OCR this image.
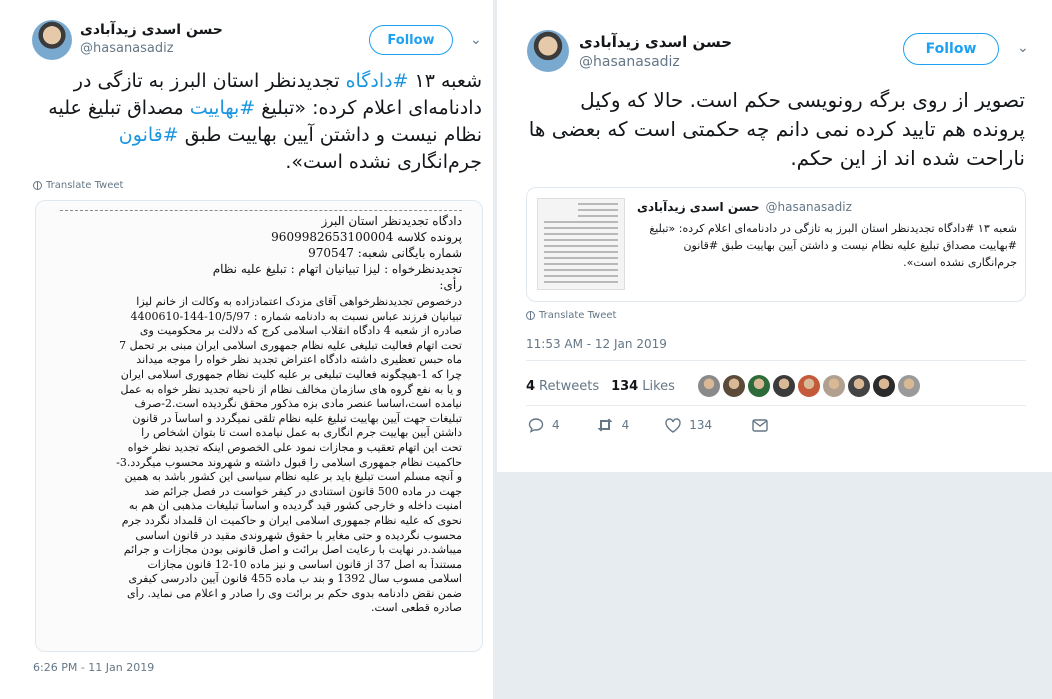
حسن اسدی زیدآبادی
@hasanasadiz
Follow	⌄
شعبه ۱۳ #دادگاه تجدیدنظر استان البرز به تازگی در دادنامه‌ای اعلام کرده: «تبلیغ #بهاییت مصداق تبلیغ علیه نظام نیست و داشتن آیین بهاییت طبق #قانون جرم‌انگاری نشده است».
Translate Tweet
دادگاه تجدیدنظر استان البرز
پرونده کلاسه 9609982653100004
شماره بایگانی شعبه: 970547
تجدیدنظرخواه : لیزا تبیانیان اتهام : تبلیغ علیه نظام
رأی:
درخصوص تجدیدنظرخواهی آقای مزدک اعتمادزاده به وکالت از خانم لیزا
تبیانیان فرزند عباس نسبت به دادنامه شماره : 10/5/97-144-4400610
صادره از شعبه 4 دادگاه انقلاب اسلامی کرج که دلالت بر محکومیت وی
تحت اتهام فعالیت تبلیغی علیه نظام جمهوری اسلامی ایران مبنی بر تحمل 7
ماه حبس تعظیری داشته دادگاه اعتراض تجدید نظر خواه را موجه میداند
چرا که 1-هیچگونه فعالیت تبلیغی بر علیه کلیت نظام جمهوری اسلامی ایران
و یا به نفع گروه های سازمان مخالف نظام از ناحیه تجدید نظر خواه به عمل
نیامده است،اساسا عنصر مادی بزه مذکور محقق نگردیده است.2-صرف
تبلیغات جهت آیین بهاییت تبلیغ علیه نظام تلقی نمیگردد و اساساً در قانون
داشتن آیین بهاییت جرم انگاری به عمل نیامده است تا بتوان اشخاص را
تحت این اتهام تعقیب و مجازات نمود علی الخصوص اینکه تجدید نظر خواه
حاکمیت نظام جمهوری اسلامی را قبول داشته و شهروند محسوب میگردد.3-
و آنچه مسلم است تبلیغ باید بر علیه نظام سیاسی این کشور باشد به همین
جهت در ماده 500 قانون استنادی در کیفر خواست در فصل جرائم ضد
امنیت داخله و خارجی کشور قید گردیده و اساساً تبلیغات مذهبی ان هم به
نحوی که علیه نظام جمهوری اسلامی ایران و حاکمیت ان قلمداد نگردد جرم
محسوب نگردیده و حتی مغایر با حقوق شهروندی مقید در قانون اساسی
میباشد.در نهایت با رعایت اصل برائت و اصل قانونی بودن مجازات و جرائم
مستنداً به اصل 37 از قانون اساسی و نیز ماده 10-12 قانون مجازات
اسلامی مسوب سال 1392 و بند ب ماده 455 قانون آیین دادرسی کیفری
ضمن نقض دادنامه بدوی حکم بر برائت وی را صادر و اعلام می نماید. رأی
صادره قطعی است.
6:26 PM - 11 Jan 2019
حسن اسدی زیدآبادی
@hasanasadiz
Follow	⌄
تصویر از روی برگه رونویسی حکم است. حالا که وکیل پرونده هم تایید کرده نمی دانم چه حکمتی است که بعضی ها ناراحت شده اند از این حکم.
حسن اسدی زیدآبادی @hasanasadiz
شعبه ۱۳ #دادگاه تجدیدنظر استان البرز به تازگی در دادنامه‌ای اعلام کرده: «تبلیغ #بهاییت مصداق تبلیغ علیه نظام نیست و داشتن آیین بهاییت طبق #قانون جرم‌انگاری نشده است».
Translate Tweet
11:53 AM - 12 Jan 2019
4 Retweets 134 Likes
4	4	134
